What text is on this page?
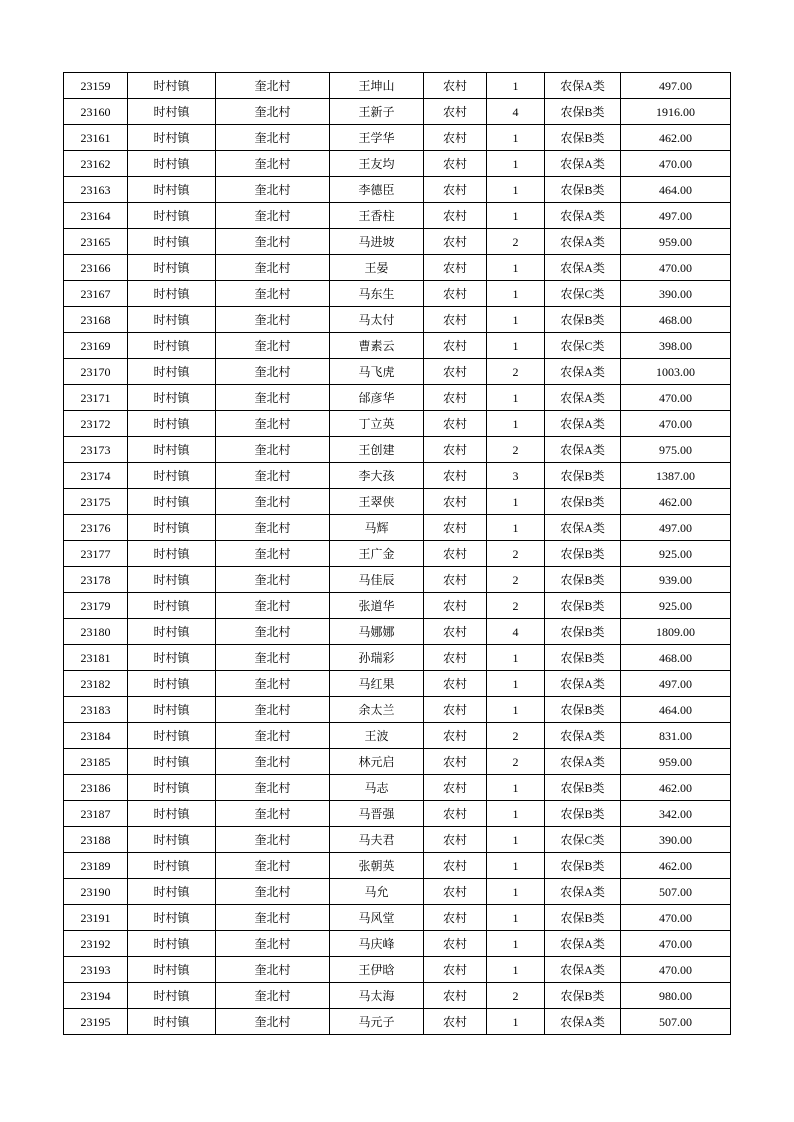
23159	时村镇	奎北村	王坤山	农村	1	农保A类	497.00
23160	时村镇	奎北村	王新子	农村	4	农保B类	1916.00
23161	时村镇	奎北村	王学华	农村	1	农保B类	462.00
23162	时村镇	奎北村	王友均	农村	1	农保A类	470.00
23163	时村镇	奎北村	李德臣	农村	1	农保B类	464.00
23164	时村镇	奎北村	王香柱	农村	1	农保A类	497.00
23165	时村镇	奎北村	马进坡	农村	2	农保A类	959.00
23166	时村镇	奎北村	王晏	农村	1	农保A类	470.00
23167	时村镇	奎北村	马东生	农村	1	农保C类	390.00
23168	时村镇	奎北村	马太付	农村	1	农保B类	468.00
23169	时村镇	奎北村	曹素云	农村	1	农保C类	398.00
23170	时村镇	奎北村	马飞虎	农村	2	农保A类	1003.00
23171	时村镇	奎北村	邰彦华	农村	1	农保A类	470.00
23172	时村镇	奎北村	丁立英	农村	1	农保A类	470.00
23173	时村镇	奎北村	王创建	农村	2	农保A类	975.00
23174	时村镇	奎北村	李大孩	农村	3	农保B类	1387.00
23175	时村镇	奎北村	王翠侠	农村	1	农保B类	462.00
23176	时村镇	奎北村	马辉	农村	1	农保A类	497.00
23177	时村镇	奎北村	王广金	农村	2	农保B类	925.00
23178	时村镇	奎北村	马佳辰	农村	2	农保B类	939.00
23179	时村镇	奎北村	张道华	农村	2	农保B类	925.00
23180	时村镇	奎北村	马娜娜	农村	4	农保B类	1809.00
23181	时村镇	奎北村	孙瑞彩	农村	1	农保B类	468.00
23182	时村镇	奎北村	马红果	农村	1	农保A类	497.00
23183	时村镇	奎北村	余太兰	农村	1	农保B类	464.00
23184	时村镇	奎北村	王波	农村	2	农保A类	831.00
23185	时村镇	奎北村	林元启	农村	2	农保A类	959.00
23186	时村镇	奎北村	马志	农村	1	农保B类	462.00
23187	时村镇	奎北村	马晋强	农村	1	农保B类	342.00
23188	时村镇	奎北村	马夫君	农村	1	农保C类	390.00
23189	时村镇	奎北村	张朝英	农村	1	农保B类	462.00
23190	时村镇	奎北村	马允	农村	1	农保A类	507.00
23191	时村镇	奎北村	马风堂	农村	1	农保B类	470.00
23192	时村镇	奎北村	马庆峰	农村	1	农保A类	470.00
23193	时村镇	奎北村	王伊晗	农村	1	农保A类	470.00
23194	时村镇	奎北村	马太海	农村	2	农保B类	980.00
23195	时村镇	奎北村	马元子	农村	1	农保A类	507.00
